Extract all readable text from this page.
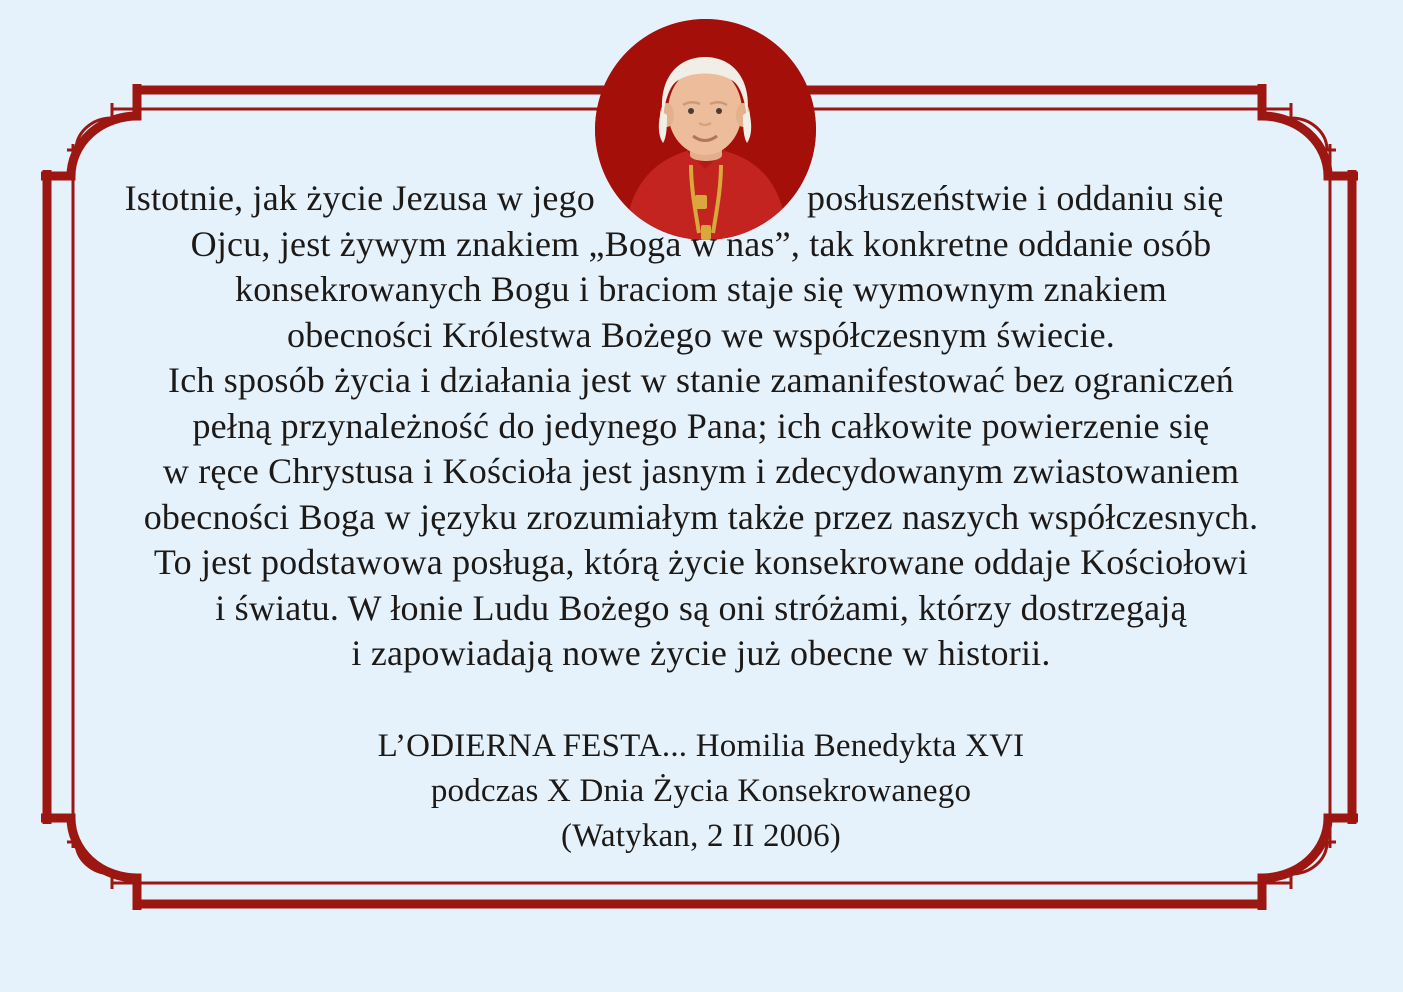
Istotnie, jak życie Jezusa w jego	posłuszeństwie i oddaniu się
Ojcu, jest żywym znakiem „Boga w nas”, tak konkretne oddanie osób
konsekrowanych Bogu i braciom staje się wymownym znakiem
obecności Królestwa Bożego we współczesnym świecie.
Ich sposób życia i działania jest w stanie zamanifestować bez ograniczeń
pełną przynależność do jedynego Pana; ich całkowite powierzenie się
w ręce Chrystusa i Kościoła jest jasnym i zdecydowanym zwiastowaniem
obecności Boga w języku zrozumiałym także przez naszych współczesnych.
To jest podstawowa posługa, którą życie konsekrowane oddaje Kościołowi
i światu. W łonie Ludu Bożego są oni stróżami, którzy dostrzegają
i zapowiadają nowe życie już obecne w historii.
L’ODIERNA FESTA... Homilia Benedykta XVI
podczas X Dnia Życia Konsekrowanego
(Watykan, 2 II 2006)
